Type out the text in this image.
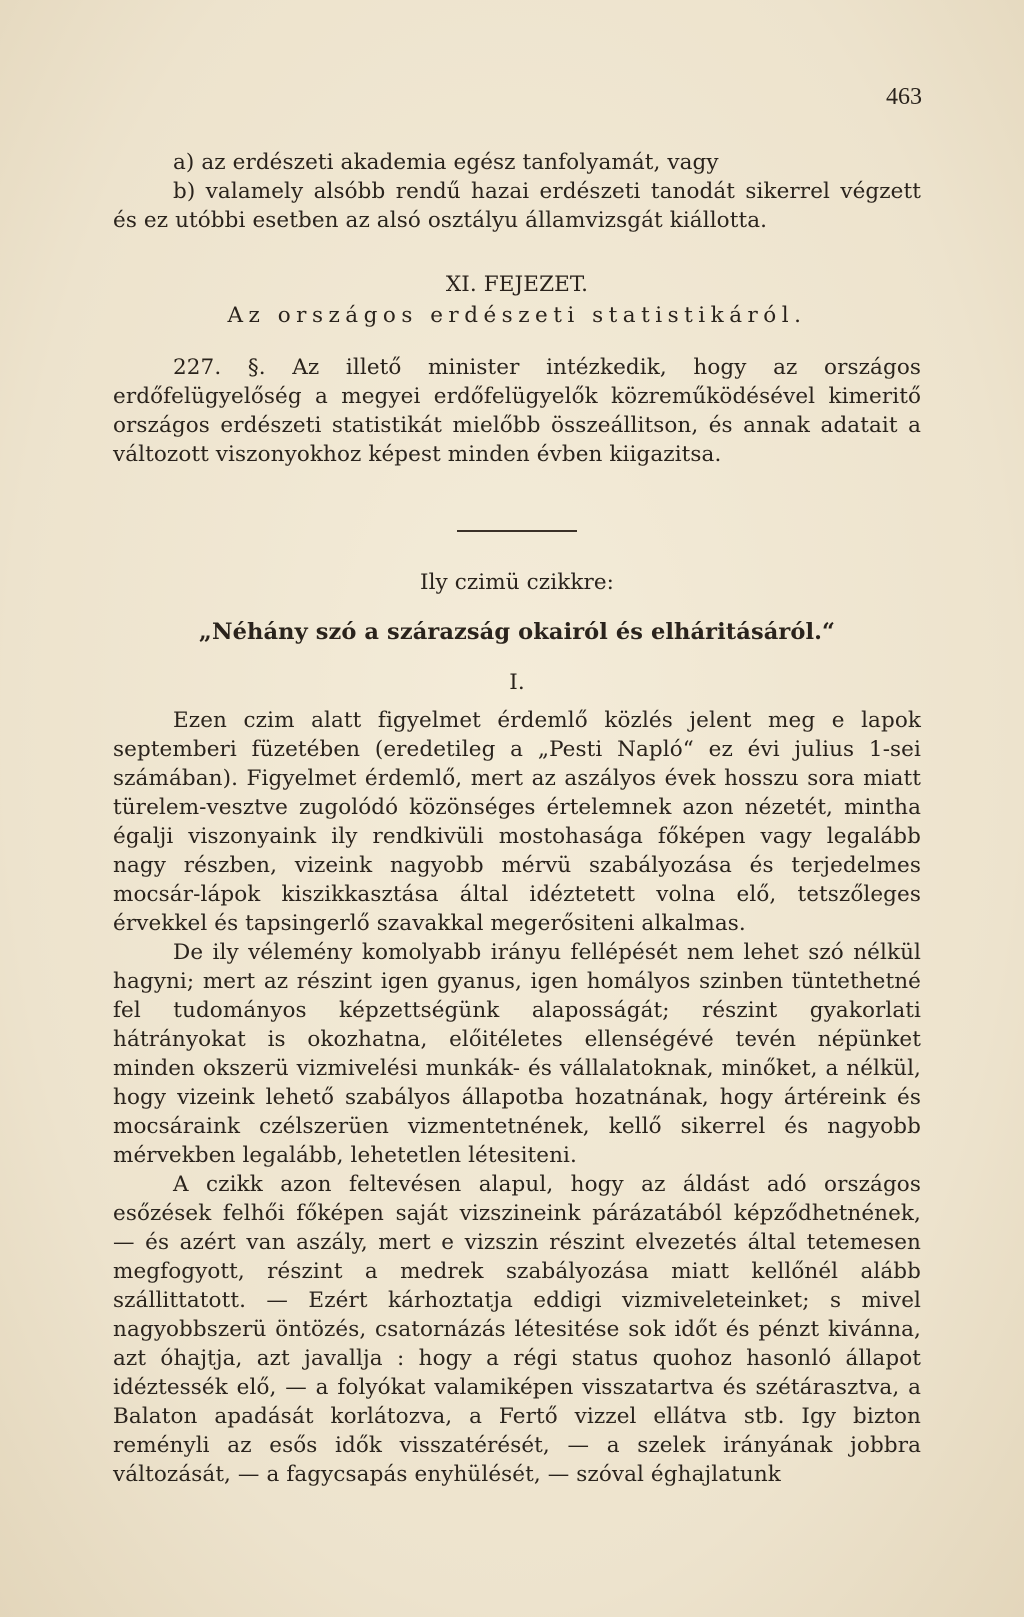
463

a) az erdészeti akademia egész tanfolyamát, vagy

b) valamely alsóbb rendű hazai erdészeti tanodát sikerrel végzett és ez utóbbi esetben az alsó osztályu államvizsgát kiállotta.

XI. FEJEZET.
Az országos erdészeti statistikáról.

227. §. Az illető minister intézkedik, hogy az országos erdőfelügyelőség a megyei erdőfelügyelők közreműködésével kimeritő országos erdészeti statistikát mielőbb összeállitson, és annak adatait a változott viszonyokhoz képest minden évben kiigazitsa.

Ily czimü czikkre:
„Néhány szó a szárazság okairól és elháritásáról.“
I.

Ezen czim alatt figyelmet érdemlő közlés jelent meg e lapok septemberi füzetében (eredetileg a „Pesti Napló“ ez évi julius 1-sei számában). Figyelmet érdemlő, mert az aszályos évek hosszu sora miatt türelem-vesztve zugolódó közönséges értelemnek azon nézetét, mintha égalji viszonyaink ily rendkivüli mostohasága főképen vagy legalább nagy részben, vizeink nagyobb mérvü szabályozása és terjedelmes mocsár-lápok kiszikkasztása által idéztetett volna elő, tetszőleges érvekkel és tapsingerlő szavakkal megerősiteni alkalmas.

De ily vélemény komolyabb irányu fellépését nem lehet szó nélkül hagyni; mert az részint igen gyanus, igen homályos szinben tüntethetné fel tudományos képzettségünk alaposságát; részint gyakorlati hátrányokat is okozhatna, előitéletes ellenségévé tevén népünket minden okszerü vizmivelési munkák- és vállalatoknak, minőket, a nélkül, hogy vizeink lehető szabályos állapotba hozatnának, hogy ártéreink és mocsáraink czélszerüen vizmentetnének, kellő sikerrel és nagyobb mérvekben legalább, lehetetlen létesiteni.

A czikk azon feltevésen alapul, hogy az áldást adó országos esőzések felhői főképen saját vizszineink párázatából képződhetnének, — és azért van aszály, mert e vizszin részint elvezetés által tetemesen megfogyott, részint a medrek szabályozása miatt kellőnél alább szállittatott. — Ezért kárhoztatja eddigi vizmiveleteinket; s mivel nagyobbszerü öntözés, csatornázás létesitése sok időt és pénzt kivánna, azt óhajtja, azt javallja : hogy a régi status quohoz hasonló állapot idéztessék elő, — a folyókat valamiképen visszatartva és szétárasztva, a Balaton apadását korlátozva, a Fertő vizzel ellátva stb. Igy bizton reményli az esős idők visszatérését, — a szelek irányának jobbra változását, — a fagycsapás enyhülését, — szóval éghajlatunk
